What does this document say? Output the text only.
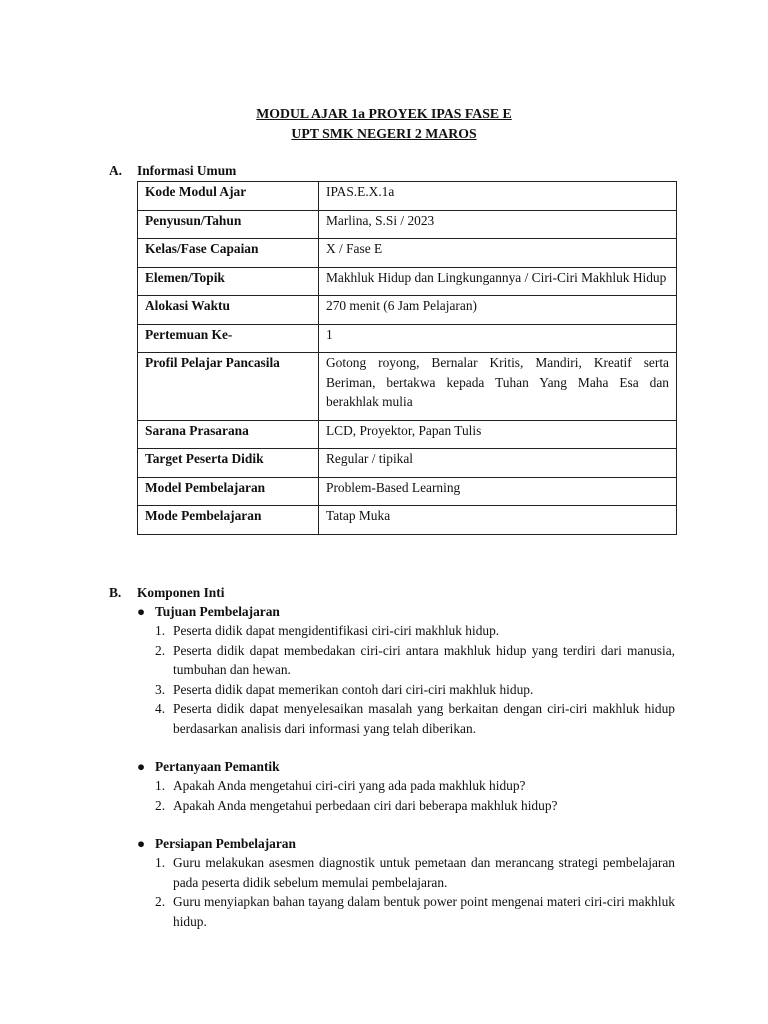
MODUL AJAR 1a PROYEK IPAS FASE E
UPT SMK NEGERI 2 MAROS
A. Informasi Umum
Kode Modul Ajar	IPAS.E.X.1a
Penyusun/Tahun	Marlina, S.Si / 2023
Kelas/Fase Capaian	X / Fase E
Elemen/Topik	Makhluk Hidup dan Lingkungannya / Ciri-Ciri Makhluk Hidup
Alokasi Waktu	270 menit (6 Jam Pelajaran)
Pertemuan Ke-	1
Profil Pelajar Pancasila	Gotong royong, Bernalar Kritis, Mandiri, Kreatif serta Beriman, bertakwa kepada Tuhan Yang Maha Esa dan berakhlak mulia
Sarana Prasarana	LCD, Proyektor, Papan Tulis
Target Peserta Didik	Regular / tipikal
Model Pembelajaran	Problem-Based Learning
Mode Pembelajaran	Tatap Muka
B. Komponen Inti
● Tujuan Pembelajaran
1. Peserta didik dapat mengidentifikasi ciri-ciri makhluk hidup.
2. Peserta didik dapat membedakan ciri-ciri antara makhluk hidup yang terdiri dari manusia, tumbuhan dan hewan.
3. Peserta didik dapat memerikan contoh dari ciri-ciri makhluk hidup.
4. Peserta didik dapat menyelesaikan masalah yang berkaitan dengan ciri-ciri makhluk hidup berdasarkan analisis dari informasi yang telah diberikan.
● Pertanyaan Pemantik
1. Apakah Anda mengetahui ciri-ciri yang ada pada makhluk hidup?
2. Apakah Anda mengetahui perbedaan ciri dari beberapa makhluk hidup?
● Persiapan Pembelajaran
1. Guru melakukan asesmen diagnostik untuk pemetaan dan merancang strategi pembelajaran pada peserta didik sebelum memulai pembelajaran.
2. Guru menyiapkan bahan tayang dalam bentuk power point mengenai materi ciri-ciri makhluk hidup.
